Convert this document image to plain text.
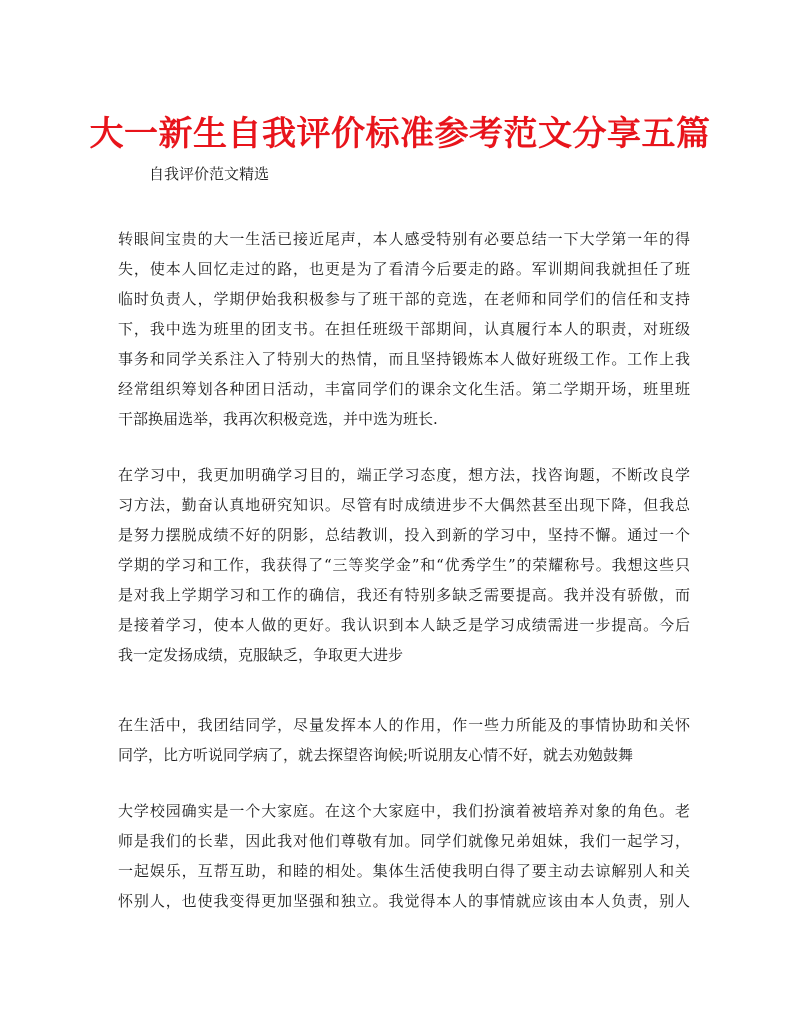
大一新生自我评价标准参考范文分享五篇
自我评价范文精选

转眼间宝贵的大一生活已接近尾声，本人感受特别有必要总结一下大学第一年的得
失，使本人回忆走过的路，也更是为了看清今后要走的路。军训期间我就担任了班
临时负责人，学期伊始我积极参与了班干部的竞选，在老师和同学们的信任和支持
下，我中选为班里的团支书。在担任班级干部期间，认真履行本人的职责，对班级
事务和同学关系注入了特别大的热情，而且坚持锻炼本人做好班级工作。工作上我
经常组织筹划各种团日活动，丰富同学们的课余文化生活。第二学期开场，班里班
干部换届选举，我再次积极竞选，并中选为班长.

在学习中，我更加明确学习目的，端正学习态度，想方法，找咨询题，不断改良学
习方法，勤奋认真地研究知识。尽管有时成绩进步不大偶然甚至出现下降，但我总
是努力摆脱成绩不好的阴影，总结教训，投入到新的学习中，坚持不懈。通过一个
学期的学习和工作，我获得了“三等奖学金”和“优秀学生”的荣耀称号。我想这些只
是对我上学期学习和工作的确信，我还有特别多缺乏需要提高。我并没有骄傲，而
是接着学习，使本人做的更好。我认识到本人缺乏是学习成绩需进一步提高。今后
我一定发扬成绩，克服缺乏，争取更大进步

在生活中，我团结同学，尽量发挥本人的作用，作一些力所能及的事情协助和关怀
同学，比方听说同学病了，就去探望咨询候;听说朋友心情不好，就去劝勉鼓舞

大学校园确实是一个大家庭。在这个大家庭中，我们扮演着被培养对象的角色。老
师是我们的长辈，因此我对他们尊敬有加。同学们就像兄弟姐妹，我们一起学习，
一起娱乐，互帮互助，和睦的相处。集体生活使我明白得了要主动去谅解别人和关
怀别人，也使我变得更加坚强和独立。我觉得本人的事情就应该由本人负责，别人
